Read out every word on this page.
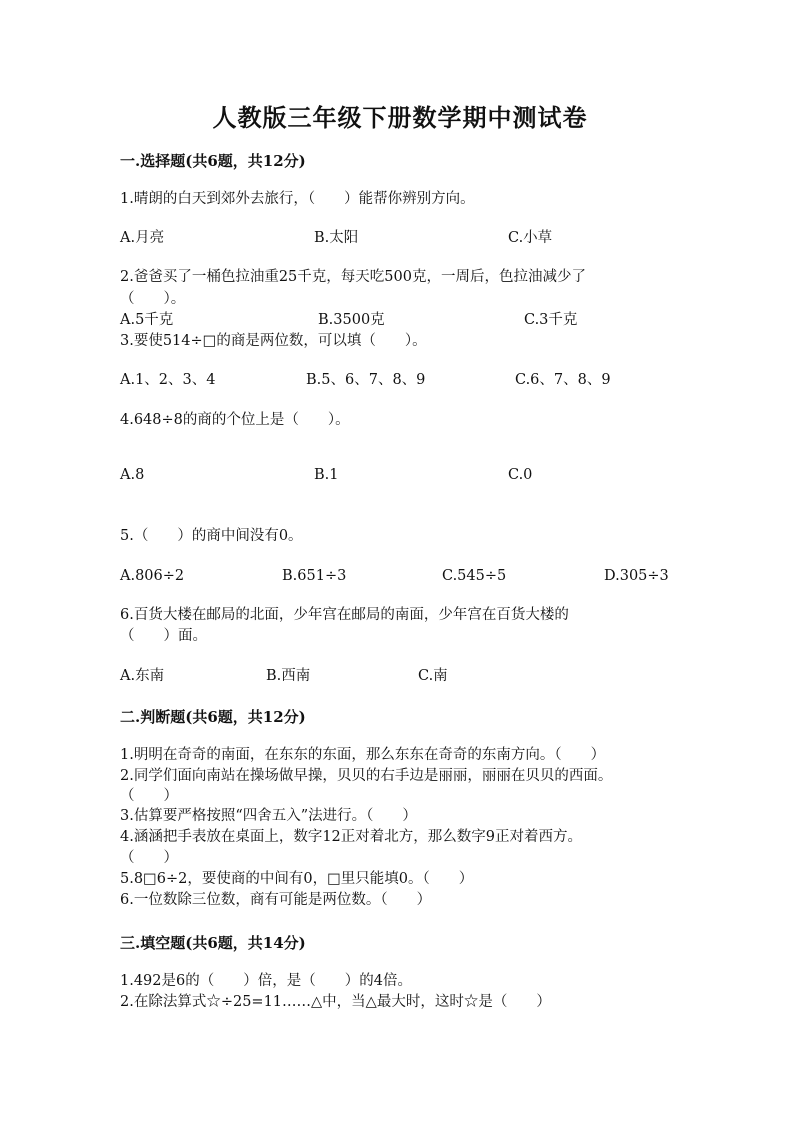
人教版三年级下册数学期中测试卷
一.选择题(共6题，共12分)
1.晴朗的白天到郊外去旅行，（　　）能帮你辨别方向。
A.月亮	B.太阳	C.小草
2.爸爸买了一桶色拉油重25千克，每天吃500克，一周后，色拉油减少了
（　　）。
A.5千克	B.3500克	C.3千克
3.要使514÷□的商是两位数，可以填（　　）。
A.1、2、3、4	B.5、6、7、8、9	C.6、7、8、9
4.648÷8的商的个位上是（　　）。
A.8	B.1	C.0
5.（　　）的商中间没有0。
A.806÷2	B.651÷3	C.545÷5	D.305÷3
6.百货大楼在邮局的北面，少年宫在邮局的南面，少年宫在百货大楼的
（　　）面。
A.东南	B.西南	C.南
二.判断题(共6题，共12分)
1.明明在奇奇的南面，在东东的东面，那么东东在奇奇的东南方向。（　　）
2.同学们面向南站在操场做早操，贝贝的右手边是丽丽，丽丽在贝贝的西面。
（　　）
3.估算要严格按照“四舍五入”法进行。（　　）
4.涵涵把手表放在桌面上，数字12正对着北方，那么数字9正对着西方。
（　　）
5.8□6÷2，要使商的中间有0，□里只能填0。（　　）
6.一位数除三位数，商有可能是两位数。（　　）
三.填空题(共6题，共14分)
1.492是6的（　　）倍，是（　　）的4倍。
2.在除法算式☆÷25=11……△中，当△最大时，这时☆是（　　）
